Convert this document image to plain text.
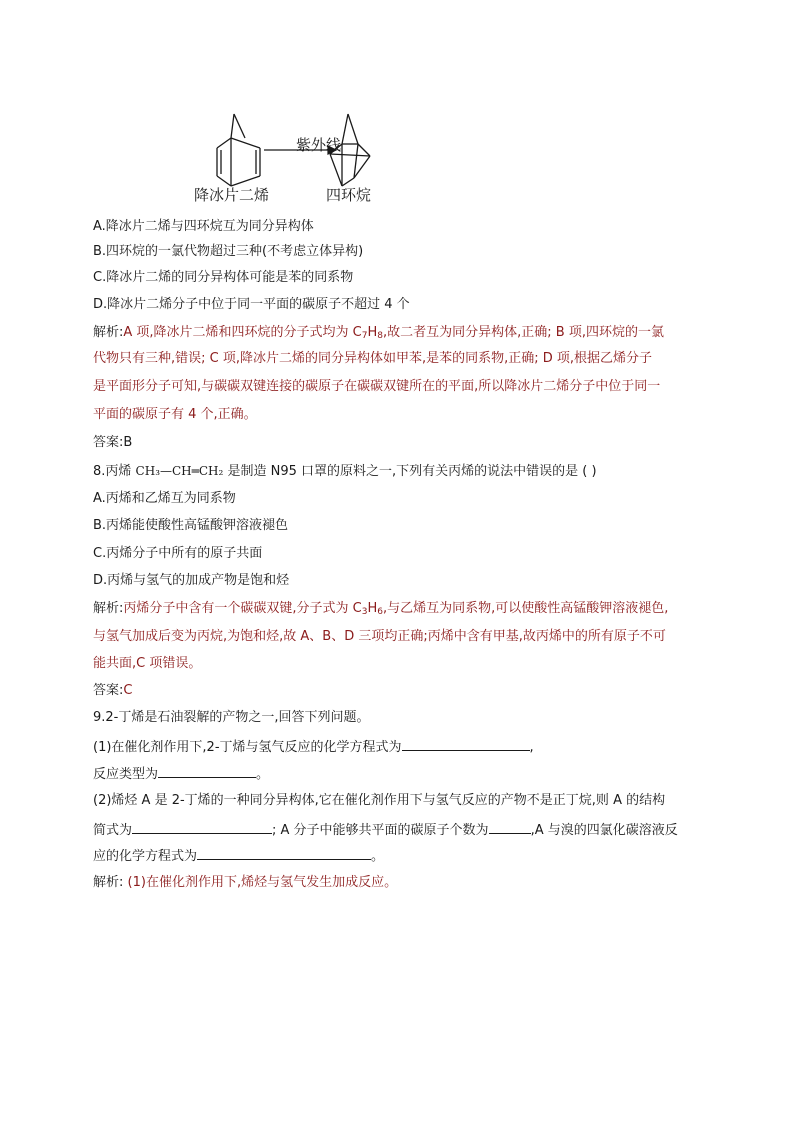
紫外线
降冰片二烯	四环烷
A.降冰片二烯与四环烷互为同分异构体
B.四环烷的一氯代物超过三种(不考虑立体异构)
C.降冰片二烯的同分异构体可能是苯的同系物
D.降冰片二烯分子中位于同一平面的碳原子不超过 4 个
解析:A 项,降冰片二烯和四环烷的分子式均为 $C_7H_8$,故二者互为同分异构体,正确; B 项,四环烷的一氯
代物只有三种,错误; C 项,降冰片二烯的同分异构体如甲苯,是苯的同系物,正确; D 项,根据乙烯分子
是平面形分子可知,与碳碳双键连接的碳原子在碳碳双键所在的平面,所以降冰片二烯分子中位于同一
平面的碳原子有 4 个,正确。
答案:B
8.丙烯 CH₃—CH═CH₂ 是制造 N95 口罩的原料之一,下列有关丙烯的说法中错误的是 ( )
A.丙烯和乙烯互为同系物
B.丙烯能使酸性高锰酸钾溶液褪色
C.丙烯分子中所有的原子共面
D.丙烯与氢气的加成产物是饱和烃
解析:丙烯分子中含有一个碳碳双键,分子式为 $C_3H_6$,与乙烯互为同系物,可以使酸性高锰酸钾溶液褪色,
与氢气加成后变为丙烷,为饱和烃,故 A、B、D 三项均正确;丙烯中含有甲基,故丙烯中的所有原子不可
能共面,C 项错误。
答案:C
9.2-丁烯是石油裂解的产物之一,回答下列问题。
(1)在催化剂作用下,2-丁烯与氢气反应的化学方程式为	,
反应类型为	。
(2)烯烃 A 是 2-丁烯的一种同分异构体,它在催化剂作用下与氢气反应的产物不是正丁烷,则 A 的结构
简式为	; A 分子中能够共平面的碳原子个数为	,A 与溴的四氯化碳溶液反
应的化学方程式为	。
解析: (1)在催化剂作用下,烯烃与氢气发生加成反应。
